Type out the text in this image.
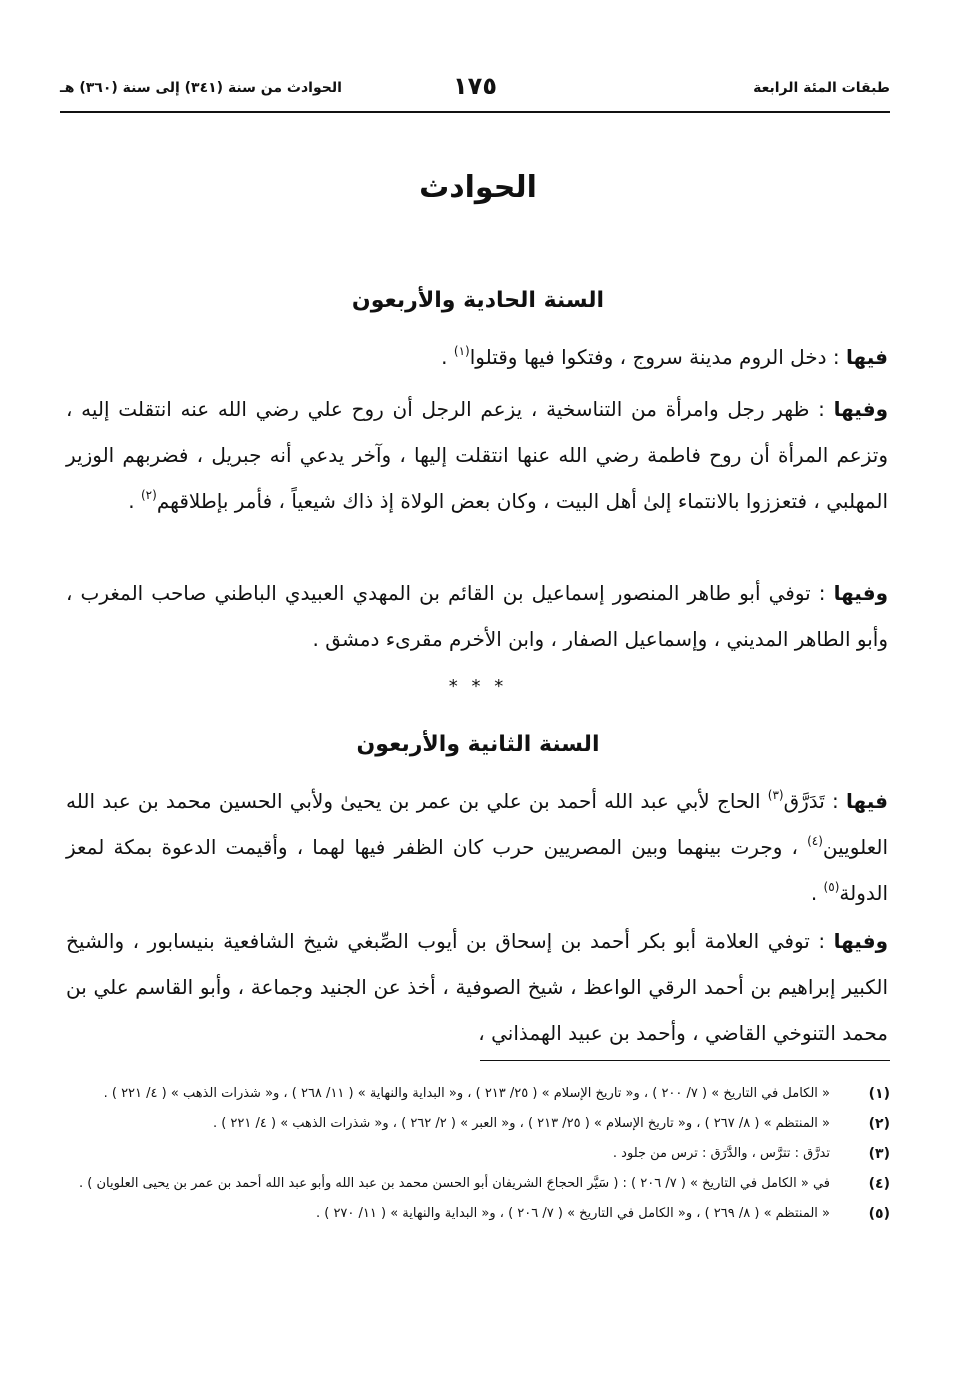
طبقات المئة الرابعة
١٧٥
الحوادث من سنة (٣٤١) إلى سنة (٣٦٠) هـ
الحوادث
السنة الحادية والأربعون

فيها : دخل الروم مدينة سروج ، وفتكوا فيها وقتلوا$^{(١)}$ .

وفيها : ظهر رجل وامرأة من التناسخية ، يزعم الرجل أن روح علي رضي الله عنه انتقلت إليه ، وتزعم المرأة أن روح فاطمة رضي الله عنها انتقلت إليها ، وآخر يدعي أنه جبريل ، فضربهم الوزير المهلبي ، فتعززوا بالانتماء إلىٰ أهل البيت ، وكان بعض الولاة إذ ذاك شيعياً ، فأمر بإطلاقهم$^{(٢)}$ .

وفيها : توفي أبو طاهر المنصور إسماعيل بن القائم بن المهدي العبيدي الباطني صاحب المغرب ، وأبو الطاهر المديني ، وإسماعيل الصفار ، وابن الأخرم مقرىء دمشق .

* * *
السنة الثانية والأربعون

فيها : تَدَرَّق$^{(٣)}$ الحاج لأبي عبد الله أحمد بن علي بن عمر بن يحيىٰ ولأبي الحسين محمد بن عبد الله العلويين$^{(٤)}$ ، وجرت بينهما وبين المصريين حرب كان الظفر فيها لهما ، وأقيمت الدعوة بمكة لمعز الدولة$^{(٥)}$ .

وفيها : توفي العلامة أبو بكر أحمد بن إسحاق بن أيوب الصِّبغي شيخ الشافعية بنيسابور ، والشيخ الكبير إبراهيم بن أحمد الرقي الواعظ ، شيخ الصوفية ، أخذ عن الجنيد وجماعة ، وأبو القاسم علي بن محمد التنوخي القاضي ، وأحمد بن عبيد الهمذاني ،

(١)
« الكامل في التاريخ » ( ٧/ ٢٠٠ ) ، و« تاريخ الإسلام » ( ٢٥/ ٢١٣ ) ، و« البداية والنهاية » ( ١١/ ٢٦٨ ) ، و« شذرات الذهب » ( ٤/ ٢٢١ ) .
(٢)
« المنتظم » ( ٨/ ٢٦٧ ) ، و« تاريخ الإسلام » ( ٢٥/ ٢١٣ ) ، و« العبر » ( ٢/ ٢٦٢ ) ، و« شذرات الذهب » ( ٤/ ٢٢١ ) .
(٣)
تدرَّق : تترَّس ، والدَّرَق : ترس من جلود .
(٤)
في « الكامل في التاريخ » ( ٧/ ٢٠٦ ) : ( سَيَّر الحجاجَ الشريفان أبو الحسن محمد بن عبد الله وأبو عبد الله أحمد بن عمر بن يحيى العلويان ) .
(٥)
« المنتظم » ( ٨/ ٢٦٩ ) ، و« الكامل في التاريخ » ( ٧/ ٢٠٦ ) ، و« البداية والنهاية » ( ١١/ ٢٧٠ ) .
